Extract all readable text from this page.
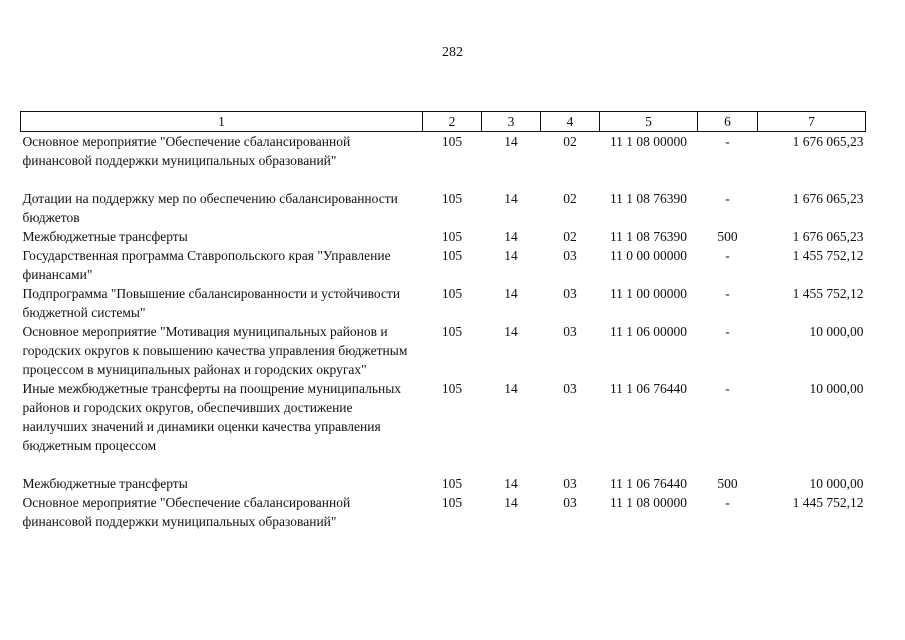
282
1	2	3	4	5	6	7
Основное мероприятие "Обеспечение сбалансированной финансовой поддержки муниципальных образований"	105	14	02	11 1 08 00000	-	1 676 065,23
Дотации на поддержку мер по обеспечению сбалансированности бюджетов	105	14	02	11 1 08 76390	-	1 676 065,23
Межбюджетные трансферты	105	14	02	11 1 08 76390	500	1 676 065,23
Государственная программа Ставропольского края "Управление финансами"	105	14	03	11 0 00 00000	-	1 455 752,12
Подпрограмма "Повышение сбалансированности и устойчивости бюджетной системы"	105	14	03	11 1 00 00000	-	1 455 752,12
Основное мероприятие "Мотивация муниципальных районов и городских округов к повышению качества управления бюджетным процессом в муниципальных районах и городских округах"	105	14	03	11 1 06 00000	-	10 000,00
Иные межбюджетные трансферты на поощрение муниципальных районов и городских округов, обеспечивших достижение наилучших значений и динамики оценки качества управления бюджетным процессом	105	14	03	11 1 06 76440	-	10 000,00
Межбюджетные трансферты	105	14	03	11 1 06 76440	500	10 000,00
Основное мероприятие "Обеспечение сбалансированной финансовой поддержки муниципальных образований"	105	14	03	11 1 08 00000	-	1 445 752,12
